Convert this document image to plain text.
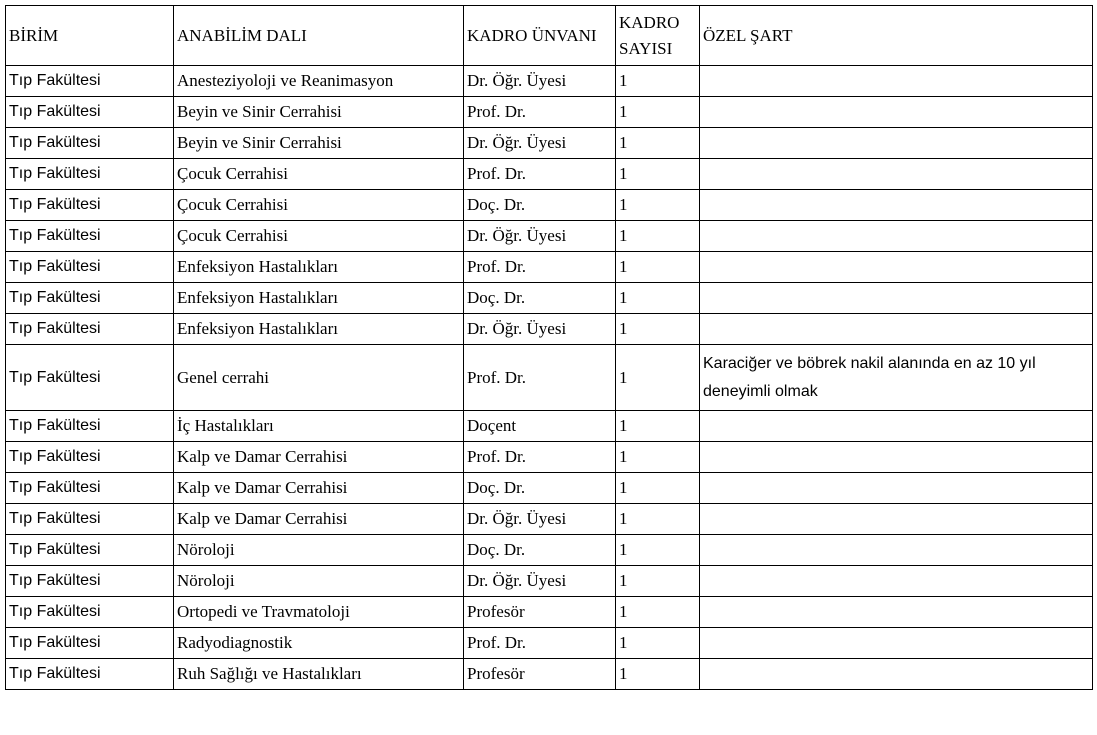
BİRİM	ANABİLİM DALI	KADRO ÜNVANI	KADRO SAYISI	ÖZEL ŞART
Tıp Fakültesi	Anesteziyoloji ve Reanimasyon	Dr. Öğr. Üyesi	1	
Tıp Fakültesi	Beyin ve Sinir Cerrahisi	Prof. Dr.	1	
Tıp Fakültesi	Beyin ve Sinir Cerrahisi	Dr. Öğr. Üyesi	1	
Tıp Fakültesi	Çocuk Cerrahisi	Prof. Dr.	1	
Tıp Fakültesi	Çocuk Cerrahisi	Doç. Dr.	1	
Tıp Fakültesi	Çocuk Cerrahisi	Dr. Öğr. Üyesi	1	
Tıp Fakültesi	Enfeksiyon Hastalıkları	Prof. Dr.	1	
Tıp Fakültesi	Enfeksiyon Hastalıkları	Doç. Dr.	1	
Tıp Fakültesi	Enfeksiyon Hastalıkları	Dr. Öğr. Üyesi	1	
Tıp Fakültesi	Genel cerrahi	Prof. Dr.	1	Karaciğer ve böbrek nakil alanında en az 10 yıl deneyimli olmak
Tıp Fakültesi	İç Hastalıkları	Doçent	1	
Tıp Fakültesi	Kalp ve Damar Cerrahisi	Prof. Dr.	1	
Tıp Fakültesi	Kalp ve Damar Cerrahisi	Doç. Dr.	1	
Tıp Fakültesi	Kalp ve Damar Cerrahisi	Dr. Öğr. Üyesi	1	
Tıp Fakültesi	Nöroloji	Doç. Dr.	1	
Tıp Fakültesi	Nöroloji	Dr. Öğr. Üyesi	1	
Tıp Fakültesi	Ortopedi ve Travmatoloji	Profesör	1	
Tıp Fakültesi	Radyodiagnostik	Prof. Dr.	1	
Tıp Fakültesi	Ruh Sağlığı ve Hastalıkları	Profesör	1	
